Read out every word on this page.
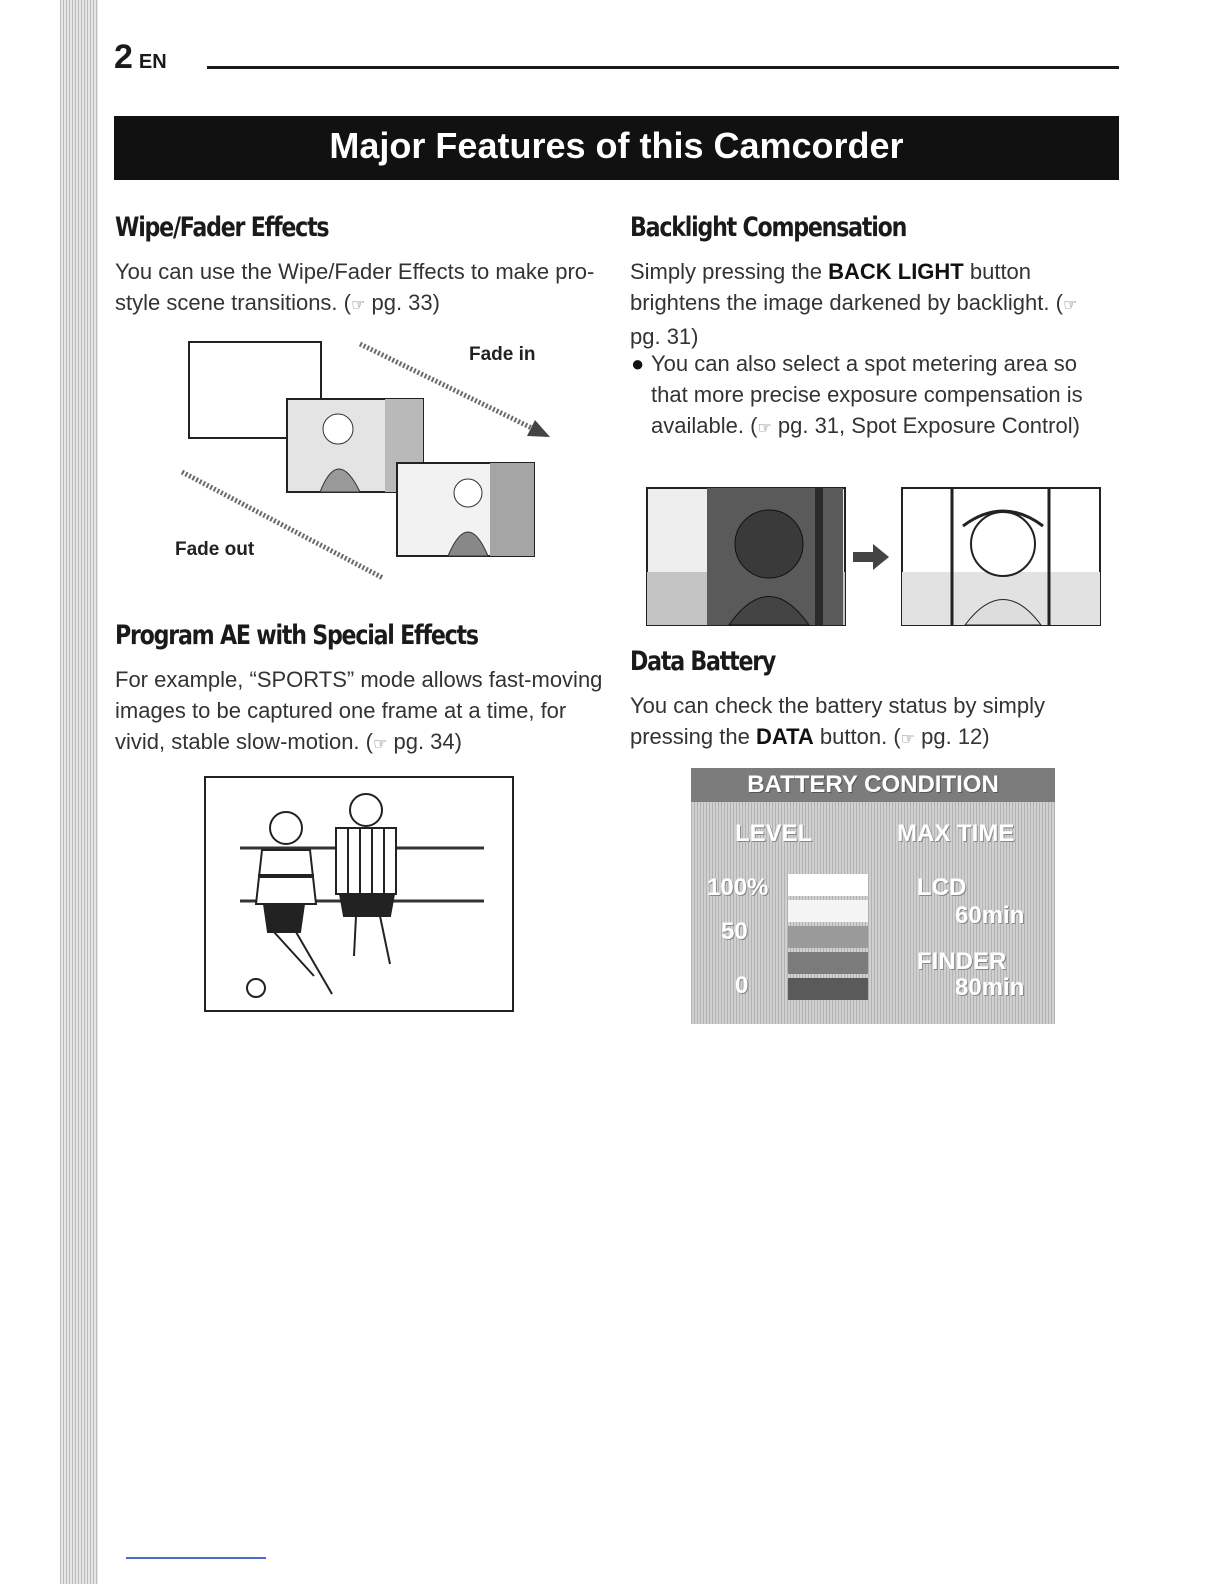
2 EN
Major Features of this Camcorder
Wipe/Fader Effects

You can use the Wipe/Fader Effects to make pro-style scene transitions. (☞ pg. 33)

Fade in
Fade out
Program AE with Special Effects

For example, “SPORTS” mode allows fast-moving images to be captured one frame at a time, for vivid, stable slow-motion. (☞ pg. 34)

Backlight Compensation

Simply pressing the BACK LIGHT button brightens the image darkened by backlight. (☞ pg. 31)

● You can also select a spot metering area so that more precise exposure compensation is available. (☞ pg. 31, Spot Exposure Control)
Data Battery

You can check the battery status by simply pressing the DATA button. (☞ pg. 12)

BATTERY CONDITION
LEVEL	MAX TIME
100%
50
0
LCD
60min
FINDER
80min
